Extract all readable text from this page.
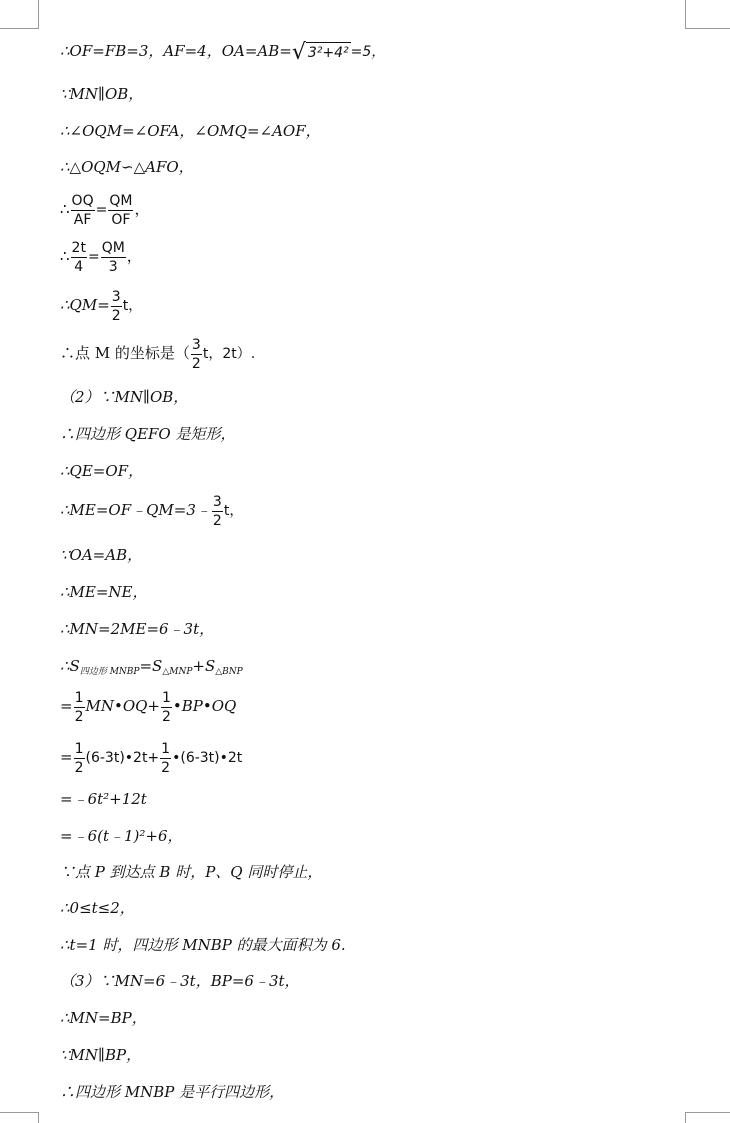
∴OF=FB=3，AF=4，OA=AB=√ 3²+4² =5，
∵MN∥OB，
∴∠OQM=∠OFA，∠OMQ=∠AOF，
∴△OQM∽△AFO，
∴ $\frac{OQ}{AF} = \frac{QM}{OF}$ ，
∴ $\frac{2t}{4} = \frac{QM}{3}$ ，
∴QM= $\frac{3}{2}$ t，
∴点 M 的坐标是（ $\frac{3}{2}$ t，2t）.
（2）∵MN∥OB，
∴四边形 QEFO 是矩形，
∴QE=OF，
∴ME=OF﹣QM=3﹣ $\frac{3}{2}$ t，
∵OA=AB，
∴ME=NE，
∴MN=2ME=6﹣3t，
$\therefore S_{四边形 MNBP}=S_{\triangle MNP}+S_{\triangle BNP}$
= $\frac{1}{2}$ MN•OQ+ $\frac{1}{2}$ •BP•OQ
= $\frac{1}{2}$ (6-3t)•2t+ $\frac{1}{2}$ •(6-3t)•2t
=﹣6t²+12t
=﹣6(t﹣1)²+6，
∵点 P 到达点 B 时，P、Q 同时停止，
∴0≤t≤2，
∴t=1 时，四边形 MNBP 的最大面积为 6.
（3）∵MN=6﹣3t，BP=6﹣3t，
∴MN=BP，
∵MN∥BP，
∴四边形 MNBP 是平行四边形，
